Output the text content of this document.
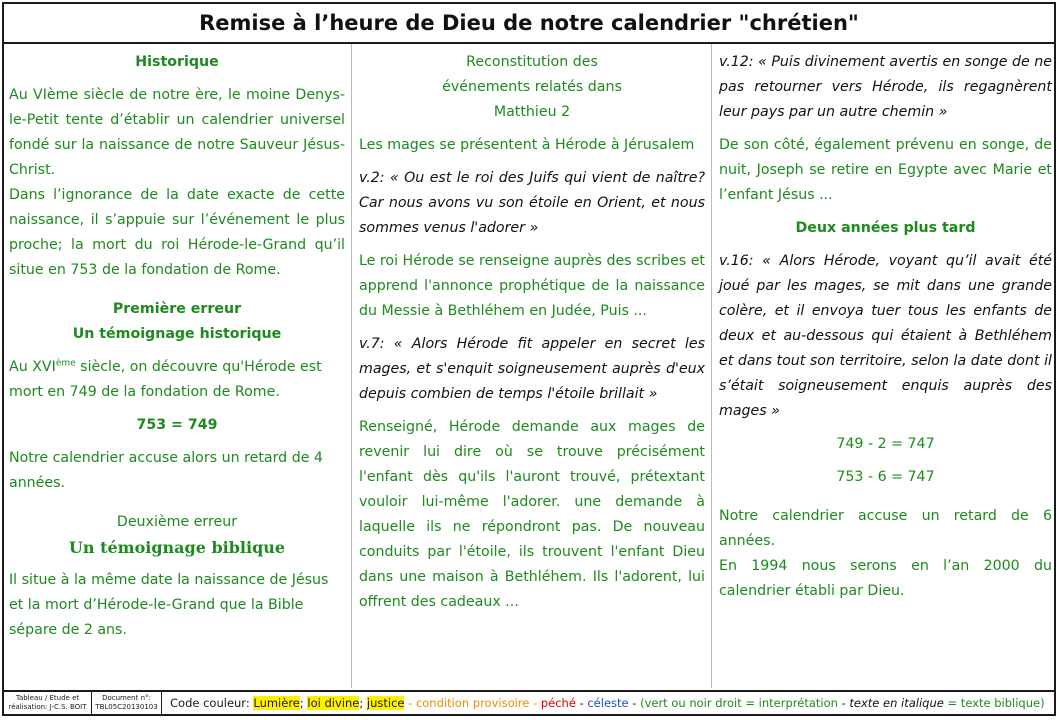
Remise à l’heure de Dieu de notre calendrier "chrétien"

Historique

Au VIème siècle de notre ère, le moine Denys-le-Petit tente d’établir un calendrier universel fondé sur la naissance de notre Sauveur Jésus-Christ.

Dans l’ignorance de la date exacte de cette naissance, il s’appuie sur l’événement le plus proche; la mort du roi Hérode-le-Grand qu’il situe en 753 de la fondation de Rome.

Première erreur

Un témoignage historique

Au XVIème siècle, on découvre qu'Hérode est mort en 749 de la fondation de Rome.

753 = 749

Notre calendrier accuse alors un retard de 4 années.

Deuxième erreur

Un témoignage biblique

Il situe à la même date la naissance de Jésus et la mort d’Hérode-le-Grand que la Bible sépare de 2 ans.

Reconstitution des
événements relatés dans
Matthieu 2

Les mages se présentent à Hérode à Jérusalem

v.2: « Ou est le roi des Juifs qui vient de naître? Car nous avons vu son étoile en Orient, et nous sommes venus l'adorer »

Le roi Hérode se renseigne auprès des scribes et apprend l'annonce prophétique de la naissance du Messie à Bethléhem en Judée, Puis ...

v.7: « Alors Hérode fit appeler en secret les mages, et s'enquit soigneusement auprès d'eux depuis combien de temps l'étoile brillait »

Renseigné, Hérode demande aux mages de revenir lui dire où se trouve précisément l'enfant dès qu'ils l'auront trouvé, prétextant vouloir lui-même l'adorer. une demande à laquelle ils ne répondront pas. De nouveau conduits par l'étoile, ils trouvent l'enfant Dieu dans une maison à Bethléhem. Ils l'adorent, lui offrent des cadeaux ...

v.12: « Puis divinement avertis en songe de ne pas retourner vers Hérode, ils regagnèrent leur pays par un autre chemin »

De son côté, également prévenu en songe, de nuit, Joseph se retire en Egypte avec Marie et l’enfant Jésus ...

Deux années plus tard

v.16: « Alors Hérode, voyant qu’il avait été joué par les mages, se mit dans une grande colère, et il envoya tuer tous les enfants de deux et au-dessous qui étaient à Bethléhem et dans tout son territoire, selon la date dont il s’était soigneusement enquis auprès des mages »

749 - 2 = 747

753 - 6 = 747

Notre calendrier accuse un retard de 6 années.

En 1994 nous serons en l’an 2000 du calendrier établi par Dieu.

Tableau / Etude et
réalisation: J-C.S. BOIT
Document n°:
TBL05C20130103 Code couleur: Lumière; loi divine; justice - condition provisoire - péché - céleste - (vert ou noir droit = interprétation - texte en italique = texte biblique)
